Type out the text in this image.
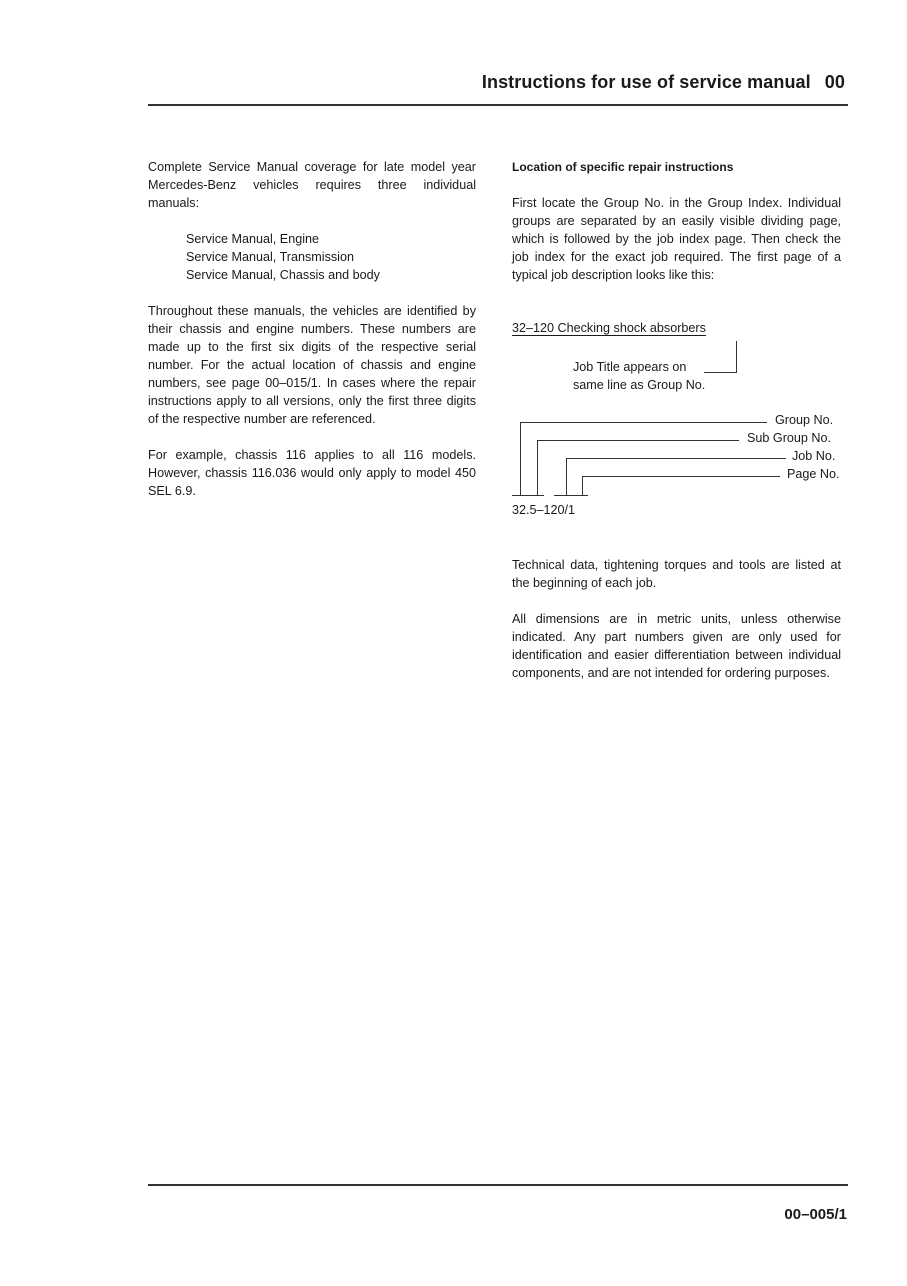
Instructions for use of service manual 00

Complete Service Manual coverage for late model year Mercedes-Benz vehicles requires three individual manuals:

Service Manual, Engine
Service Manual, Transmission
Service Manual, Chassis and body

Throughout these manuals, the vehicles are identified by their chassis and engine numbers. These numbers are made up to the first six digits of the respective serial number. For the actual location of chassis and engine numbers, see page 00–015/1. In cases where the repair instructions apply to all versions, only the first three digits of the respective number are referenced.

For example, chassis 116 applies to all 116 models. However, chassis 116.036 would only apply to model 450 SEL 6.9.

Location of specific repair instructions

First locate the Group No. in the Group Index. Individual groups are separated by an easily visible dividing page, which is followed by the job index page. Then check the job index for the exact job required. The first page of a typical job description looks like this:

32–120 Checking shock absorbers
Job Title appears on
same line as Group No.
Group No.
Sub Group No.
Job No.
Page No.
32.5–120/1

Technical data, tightening torques and tools are listed at the beginning of each job.

All dimensions are in metric units, unless otherwise indicated. Any part numbers given are only used for identification and easier differentiation between individual components, and are not intended for ordering purposes.

00–005/1
